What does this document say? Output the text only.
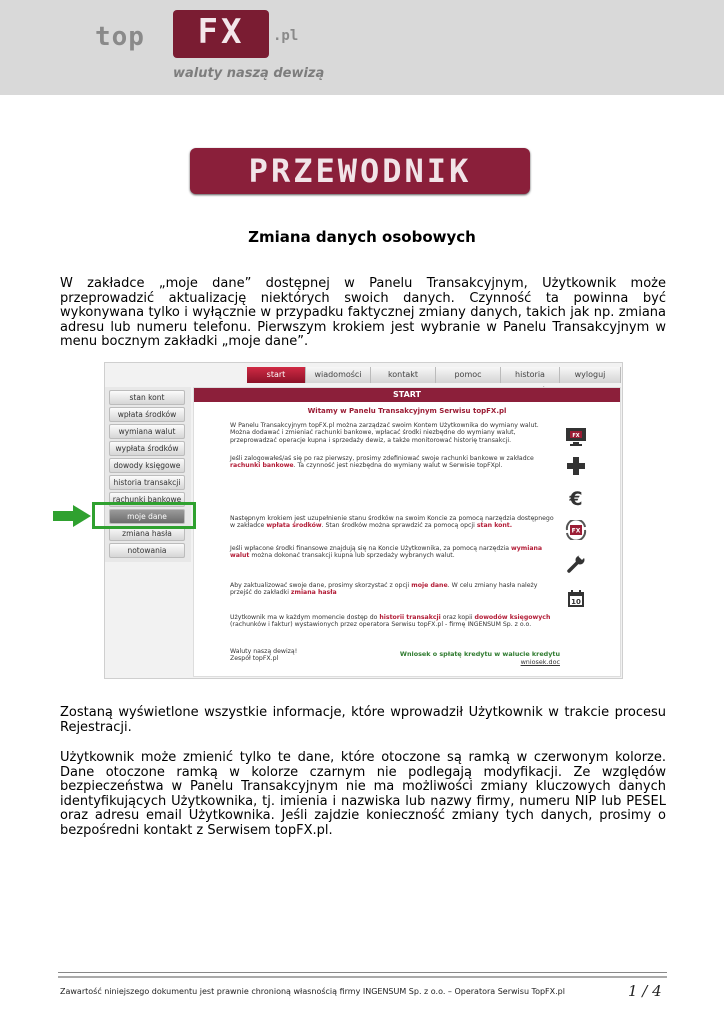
top	FX	.pl
waluty naszą dewizą
PRZEWODNIK
Zmiana danych osobowych
W zakładce „moje dane” dostępnej w Panelu Transakcyjnym, Użytkownik może przeprowadzić aktualizację niektórych swoich danych. Czynność ta powinna być wykonywana tylko i wyłącznie w przypadku faktycznej zmiany danych, takich jak np. zmiana adresu lub numeru telefonu. Pierwszym krokiem jest wybranie w Panelu Transakcyjnym w menu bocznym zakładki „moje dane”.
start	wiadomości	kontakt	pomoc	historia	wyloguj
stan kont
wpłata środków
wymiana walut
wypłata środków
dowody księgowe
historia transakcji
rachunki bankowe
moje dane
zmiana hasła
notowania
START
Witamy w Panelu Transakcyjnym Serwisu topFX.pl
W Panelu Transakcyjnym topFX.pl można zarządzać swoim Kontem Użytkownika do wymiany walut. Można dodawać i zmieniać rachunki bankowe, wpłacać środki niezbędne do wymiany walut, przeprowadzać operacje kupna i sprzedaży dewiz, a także monitorować historię transakcji.
Jeśli zalogowałeś/aś się po raz pierwszy, prosimy zdefiniować swoje rachunki bankowe w zakładce rachunki bankowe. Ta czynność jest niezbędna do wymiany walut w Serwisie topFXpl.
Następnym krokiem jest uzupełnienie stanu środków na swoim Koncie za pomocą narzędzia dostępnego w zakładce wpłata środków. Stan środków można sprawdzić za pomocą opcji stan kont.
Jeśli wpłacone środki finansowe znajdują się na Koncie Użytkownika, za pomocą narzędzia wymiana walut można dokonać transakcji kupna lub sprzedaży wybranych walut.
Aby zaktualizować swoje dane, prosimy skorzystać z opcji moje dane. W celu zmiany hasła należy przejść do zakładki zmiana hasła
Użytkownik ma w każdym momencie dostęp do historii transakcji oraz kopii dowodów księgowych (rachunków i faktur) wystawionych przez operatora Serwisu topFX.pl - firmę INGENSUM Sp. z o.o.
Waluty naszą dewizą!
Zespół topFX.pl
FX
€
FX
10
Wniosek o spłatę kredytu w walucie kredytu
wniosek.doc
Zostaną wyświetlone wszystkie informacje, które wprowadził Użytkownik w trakcie procesu Rejestracji.
Użytkownik może zmienić tylko te dane, które otoczone są ramką w czerwonym kolorze. Dane otoczone ramką w kolorze czarnym nie podlegają modyfikacji. Ze względów bezpieczeństwa w Panelu Transakcyjnym nie ma możliwości zmiany kluczowych danych identyfikujących Użytkownika, tj. imienia i nazwiska lub nazwy firmy, numeru NIP lub PESEL oraz adresu email Użytkownika. Jeśli zajdzie konieczność zmiany tych danych, prosimy o bezpośredni kontakt z Serwisem topFX.pl.
Zawartość niniejszego dokumentu jest prawnie chronioną własnością firmy INGENSUM Sp. z o.o. – Operatora Serwisu TopFX.pl	1 / 4
